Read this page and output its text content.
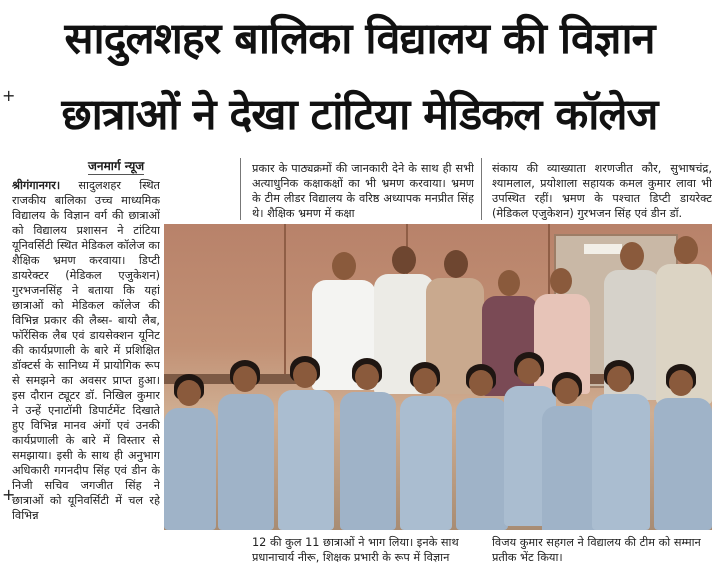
सादुलशहर बालिका विद्यालय की विज्ञान
छात्राओं ने देखा टांटिया मेडिकल कॉलेज
+
+
जनमार्ग न्यूज
श्रीगंगानगर। सादुलशहर स्थित राजकीय बालिका उच्च माध्यमिक विद्यालय के विज्ञान वर्ग की छात्राओं को विद्यालय प्रशासन ने टांटिया यूनिवर्सिटी स्थित मेडिकल कॉलेज का शैक्षिक भ्रमण करवाया। डिप्टी डायरेक्टर (मेडिकल एजुकेशन) गुरभजनसिंह ने बताया कि यहां छात्राओं को मेडिकल कॉलेज की विभिन्न प्रकार की लैब्स- बायो लैब, फॉरेंसिक लैब एवं डायसेक्शन यूनिट की कार्यप्रणाली के बारे में प्रशिक्षित डॉक्टर्स के सानिध्य में प्रायोगिक रूप से समझने का अवसर प्राप्त हुआ। इस दौरान ट्यूटर डॉ. निखिल कुमार ने उन्हें एनाटॉमी डिपार्टमेंट दिखाते हुए विभिन्न मानव अंगों एवं उनकी कार्यप्रणाली के बारे में विस्तार से समझाया। इसी के साथ ही अनुभाग अधिकारी गगनदीप सिंह एवं डीन के निजी सचिव जगजीत सिंह ने छात्राओं को यूनिवर्सिटी में चल रहे विभिन्न
प्रकार के पाठ्यक्रमों की जानकारी देने के साथ ही सभी अत्याधुनिक कक्षाकक्षों का भी भ्रमण करवाया। भ्रमण के टीम लीडर विद्यालय के वरिष्ठ अध्यापक मनप्रीत सिंह थे। शैक्षिक भ्रमण में कक्षा
संकाय की व्याख्याता शरणजीत कौर, सुभाषचंद्र, श्यामलाल, प्रयोशाला सहायक कमल कुमार लावा भी उपस्थित रहीं। भ्रमण के पश्चात डिप्टी डायरेक्ट (मेडिकल एजुकेशन) गुरभजन सिंह एवं डीन डॉ.
12 की कुल 11 छात्राओं ने भाग लिया। इनके साथ प्रधानाचार्य नीरू, शिक्षक प्रभारी के रूप में विज्ञान
विजय कुमार सहगल ने विद्यालय की टीम को सम्मान प्रतीक भेंट किया।
